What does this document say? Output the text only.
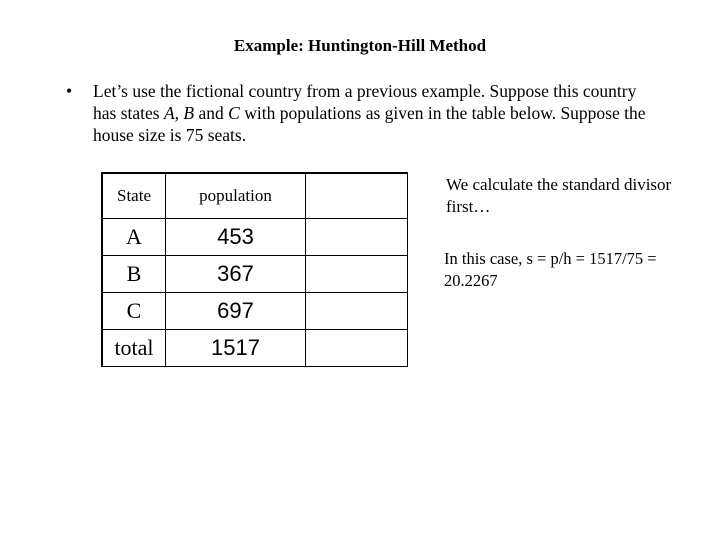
Example: Huntington-Hill Method
• Let’s use the fictional country from a previous example. Suppose this country has states A, B and C with populations as given in the table below. Suppose the house size is 75 seats.
State	population	
A	453	
B	367	
C	697	
total	1517	
We calculate the standard divisor first…
In this case, s = p/h = 1517/75 = 20.2267
